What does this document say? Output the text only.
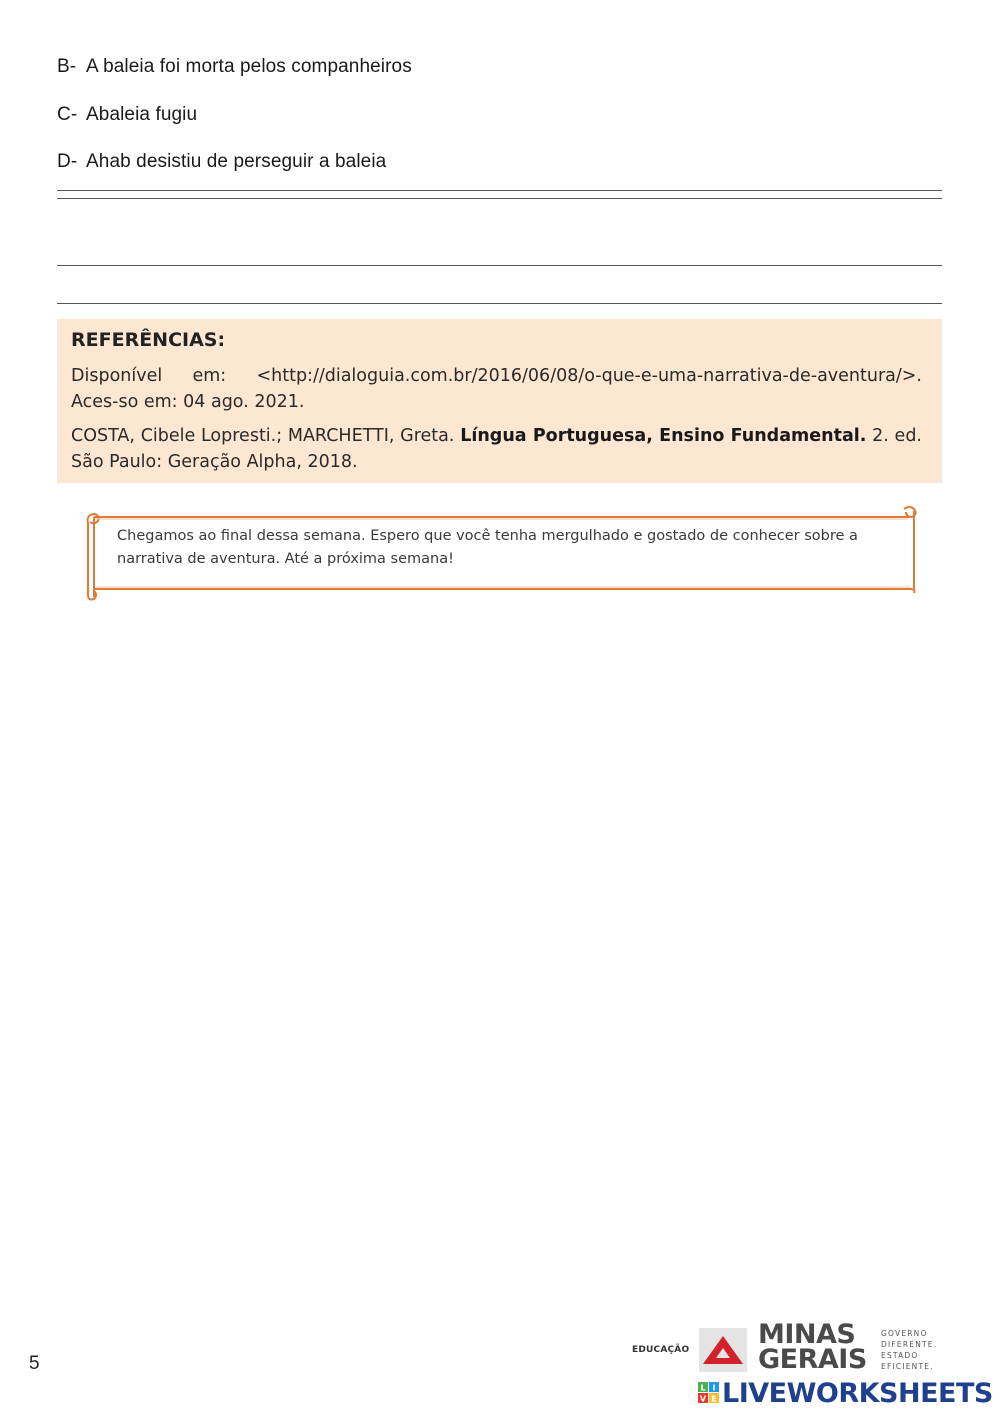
B- A baleia foi morta pelos companheiros
C- Abaleia fugiu
D- Ahab desistiu de perseguir a baleia
REFERÊNCIAS:

Disponível em: <http://dialoguia.com.br/2016/06/08/o-que-e-uma-narrativa-de-aventura/>. Aces-so em: 04 ago. 2021.

COSTA, Cibele Lopresti.; MARCHETTI, Greta. Língua Portuguesa, Ensino Fundamental. 2. ed. São Paulo: Geração Alpha, 2018.

Chegamos ao final dessa semana. Espero que você tenha mergulhado e gostado de conhecer sobre a narrativa de aventura. Até a próxima semana!
5
EDUCAÇÃO	MINAS
GERAIS
GOVERNO
DIFERENTE.
ESTADO
EFICIENTE.
L I
V E LIVEWORKSHEETS
